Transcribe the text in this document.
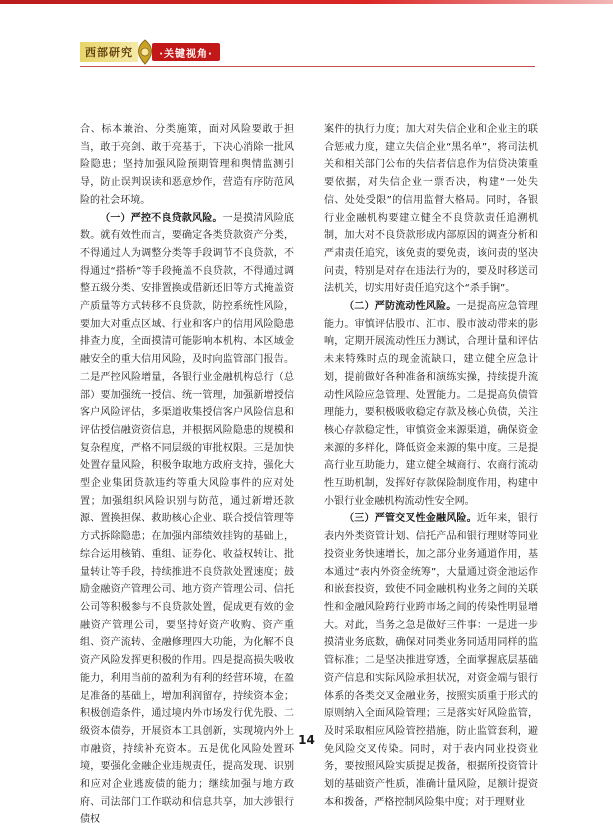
西部研究	·关键视角·

合、标本兼治、分类施策，面对风险要敢于担当，敢于亮剑、敢于亮基于，下决心消除一批风险隐患；坚持加强风险预期管理和舆情监测引导，防止误判误读和恶意炒作，营造有序防范风险的社会环境。

（一）严控不良贷款风险。一是摸清风险底数。就有效性而言，要确定各类贷款资产分类，不得通过人为调整分类等手段调节不良贷款，不得通过“搭桥”等手段掩盖不良贷款，不得通过调整五级分类、安排置换或借新还旧等方式掩盖资产质量等方式转移不良贷款，防控系统性风险，要加大对重点区域、行业和客户的信用风险隐患排查力度，全面摸清可能影响本机构、本区域金融安全的重大信用风险，及时向监管部门报告。二是严控风险增量，各银行业金融机构总行（总部）要加强统一授信、统一管理，加强新增授信客户风险评估，多渠道收集授信客户风险信息和评估授信融资资信息，并根据风险隐患的规模和复杂程度，严格不同层级的审批权限。三是加快处置存量风险，积极争取地方政府支持，强化大型企业集团贷款违约等重大风险事件的应对处置；加强组织风险识别与防范，通过新增还款源、置换担保、救助核心企业、联合授信管理等方式拆除隐患；在加强内部绩效挂钩的基础上，综合运用核销、重组、证券化、收益权转让、批量转让等手段，持续推进不良贷款处置速度；鼓励金融资产管理公司、地方资产管理公司、信托公司等积极参与不良贷款处置，促成更有效的金融资产管理公司，要坚持好资产收购、资产重组、资产流转、金融修理四大功能，为化解不良资产风险发挥更积极的作用。四是提高损失吸收能力，利用当前的盈利为有利的经营环境，在盈足准备的基础上，增加利润留存，持续资本金；积极创造条件，通过境内外市场发行优先股、二级资本债券，开展资本工具创新，实现境内外上市融资，持续补充资本。五是优化风险处置环境，要强化金融企业违规责任，提高发现、识别和应对企业逃废债的能力；继续加强与地方政府、司法部门工作联动和信息共享，加大涉银行债权

案件的执行力度；加大对失信企业和企业主的联合惩戒力度，建立失信企业“黑名单”，将司法机关和相关部门公布的失信者信息作为信贷决策重要依据，对失信企业一票否决，构建“一处失信、处处受限”的信用监督大格局。同时，各银行业金融机构要建立健全不良贷款责任追溯机制，加大对不良贷款形成内部原因的调查分析和严肃责任追究，该免责的要免责，该问责的坚决问责，特别是对存在违法行为的，要及时移送司法机关，切实用好责任追究这个“杀手锏”。

（二）严防流动性风险。一是提高应急管理能力。审慎评估股市、汇市、股市波动带来的影响，定期开展流动性压力测试，合理计量和评估未来特殊时点的现金流缺口，建立健全应急计划，提前做好各种准备和演练实操，持续提升流动性风险应急管理、处置能力。二是提高负债管理能力，要积极吸收稳定存款及核心负债，关注核心存款稳定性，审慎资金来源渠道，确保资金来源的多样化，降低资金来源的集中度。三是提高行业互助能力，建立健全城商行、农商行流动性互助机制，发挥好存款保险制度作用，构建中小银行业金融机构流动性安全网。

（三）严管交叉性金融风险。近年来，银行表内外类资管计划、信托产品和银行理财等同业投资业务快速增长，加之部分业务通道作用，基本通过“表内外资金统筹”，大量通过资金池运作和嵌套投资，致使不同金融机构业务之间的关联性和金融风险跨行业跨市场之间的传染性明显增大。对此，当务之急是做好三件事：一是进一步摸清业务底数，确保对同类业务同适用同样的监管标准；二是坚决推进穿透，全面掌握底层基础资产信息和实际风险承担状况，对资金端与银行体系的各类交叉金融业务，按照实质重于形式的原则纳入全面风险管理；三是落实好风险监管，及时采取相应风险管控措施，防止监管套利，避免风险交叉传染。同时，对于表内同业投资业务，要按照风险实质提足拨备，根据所投资管计划的基础资产性质，准确计量风险，足额计提资本和拨备，严格控制风险集中度；对于理财业

14
